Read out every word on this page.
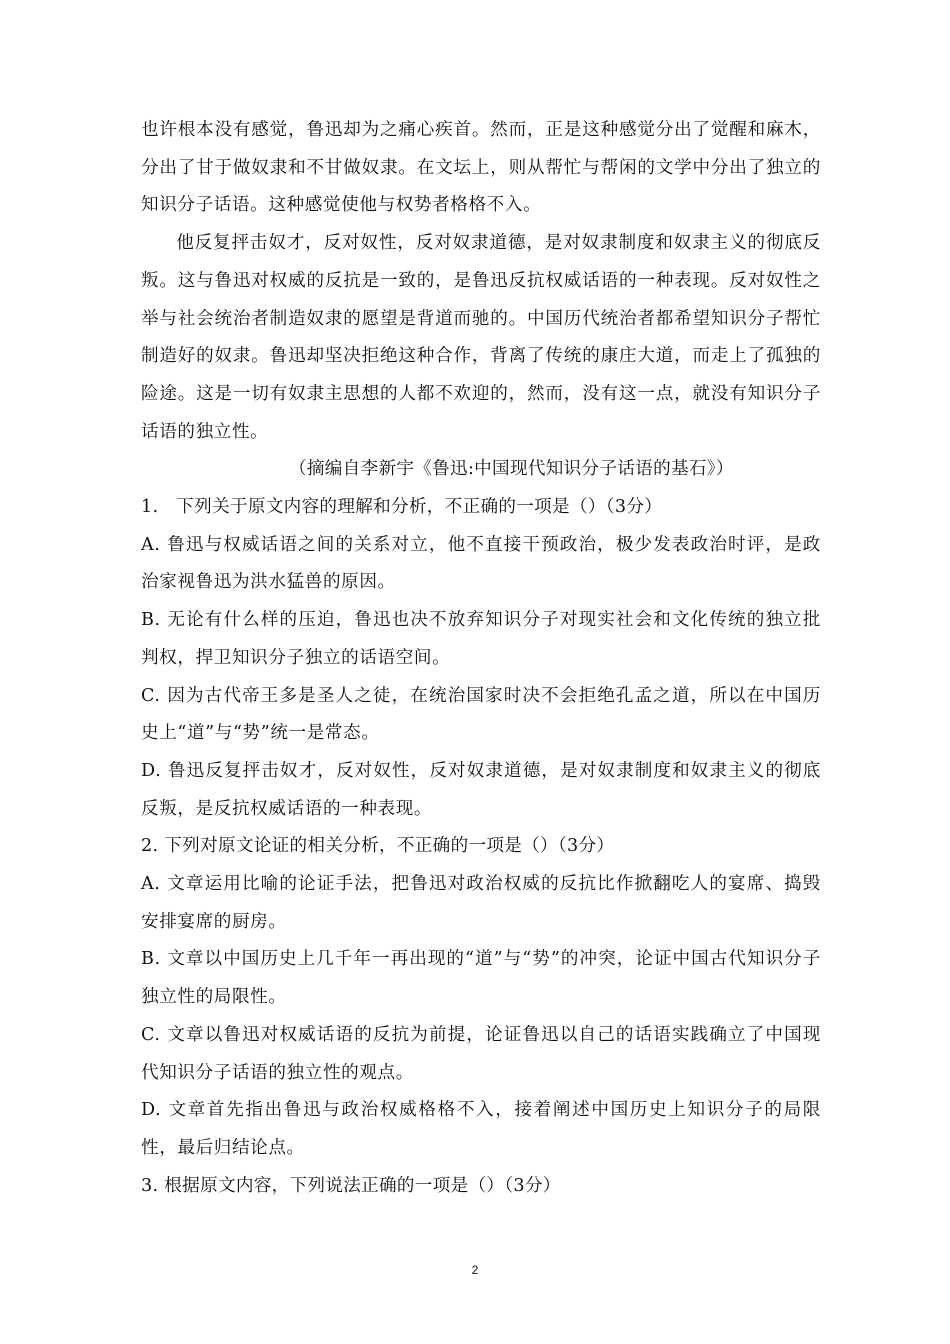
也许根本没有感觉，鲁迅却为之痛心疾首。然而，正是这种感觉分出了觉醒和麻木，分出了甘于做奴隶和不甘做奴隶。在文坛上，则从帮忙与帮闲的文学中分出了独立的知识分子话语。这种感觉使他与权势者格格不入。

他反复抨击奴才，反对奴性，反对奴隶道德，是对奴隶制度和奴隶主义的彻底反叛。这与鲁迅对权威的反抗是一致的，是鲁迅反抗权威话语的一种表现。反对奴性之举与社会统治者制造奴隶的愿望是背道而驰的。中国历代统治者都希望知识分子帮忙制造好的奴隶。鲁迅却坚决拒绝这种合作，背离了传统的康庄大道，而走上了孤独的险途。这是一切有奴隶主思想的人都不欢迎的，然而，没有这一点，就没有知识分子话语的独立性。

（摘编自李新宇《鲁迅:中国现代知识分子话语的基石》）

1.　下列关于原文内容的理解和分析，不正确的一项是（）（3分）

A. 鲁迅与权威话语之间的关系对立，他不直接干预政治，极少发表政治时评，是政治家视鲁迅为洪水猛兽的原因。

B. 无论有什么样的压迫，鲁迅也决不放弃知识分子对现实社会和文化传统的独立批判权，捍卫知识分子独立的话语空间。

C. 因为古代帝王多是圣人之徒，在统治国家时决不会拒绝孔孟之道，所以在中国历史上“道”与“势”统一是常态。

D. 鲁迅反复抨击奴才，反对奴性，反对奴隶道德，是对奴隶制度和奴隶主义的彻底反叛，是反抗权威话语的一种表现。

2. 下列对原文论证的相关分析，不正确的一项是（）（3分）

A. 文章运用比喻的论证手法，把鲁迅对政治权威的反抗比作掀翻吃人的宴席、捣毁安排宴席的厨房。

B. 文章以中国历史上几千年一再出现的“道”与“势”的冲突，论证中国古代知识分子独立性的局限性。

C. 文章以鲁迅对权威话语的反抗为前提，论证鲁迅以自己的话语实践确立了中国现代知识分子话语的独立性的观点。

D. 文章首先指出鲁迅与政治权威格格不入，接着阐述中国历史上知识分子的局限性，最后归结论点。

3. 根据原文内容，下列说法正确的一项是（）（3分）

2
